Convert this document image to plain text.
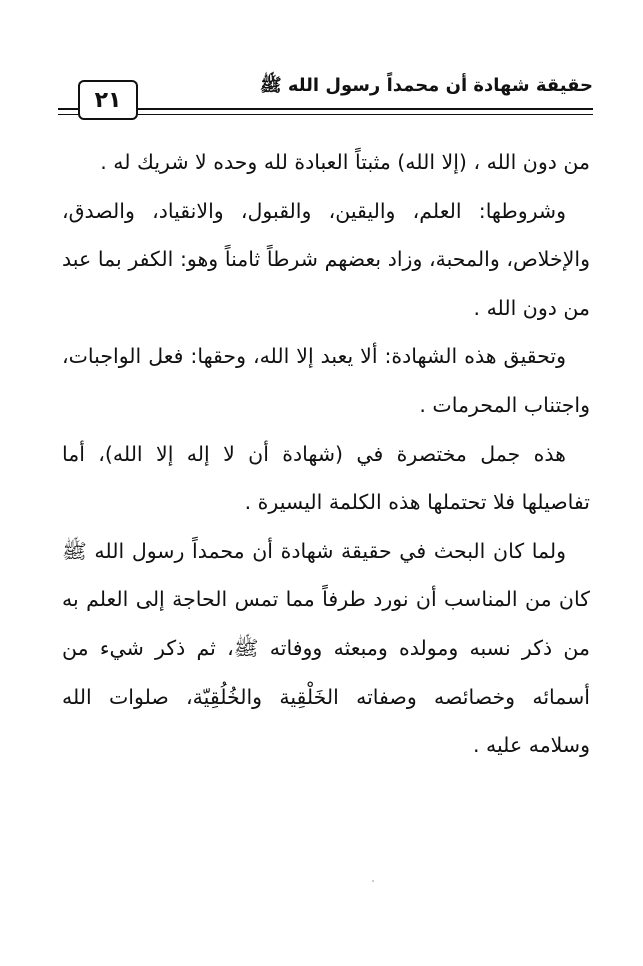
حقيقة شهادة أن محمداً رسول الله ﷺ
٢١

من دون الله ، (إلا الله) مثبتاً العبادة لله وحده لا شريك له .

وشروطها: العلم، واليقين، والقبول، والانقياد، والصدق، والإخلاص، والمحبة، وزاد بعضهم شرطاً ثامناً وهو: الكفر بما عبد من دون الله .

وتحقيق هذه الشهادة: ألا يعبد إلا الله، وحقها: فعل الواجبات، واجتناب المحرمات .

هذه جمل مختصرة في (شهادة أن لا إله إلا الله)، أما تفاصيلها فلا تحتملها هذه الكلمة اليسيرة .

ولما كان البحث في حقيقة شهادة أن محمداً رسول الله ﷺ كان من المناسب أن نورد طرفاً مما تمس الحاجة إلى العلم به من ذكر نسبه ومولده ومبعثه ووفاته ﷺ، ثم ذكر شيء من أسمائه وخصائصه وصفاته الخَلْقِية والخُلُقِيّة، صلوات الله وسلامه عليه .
